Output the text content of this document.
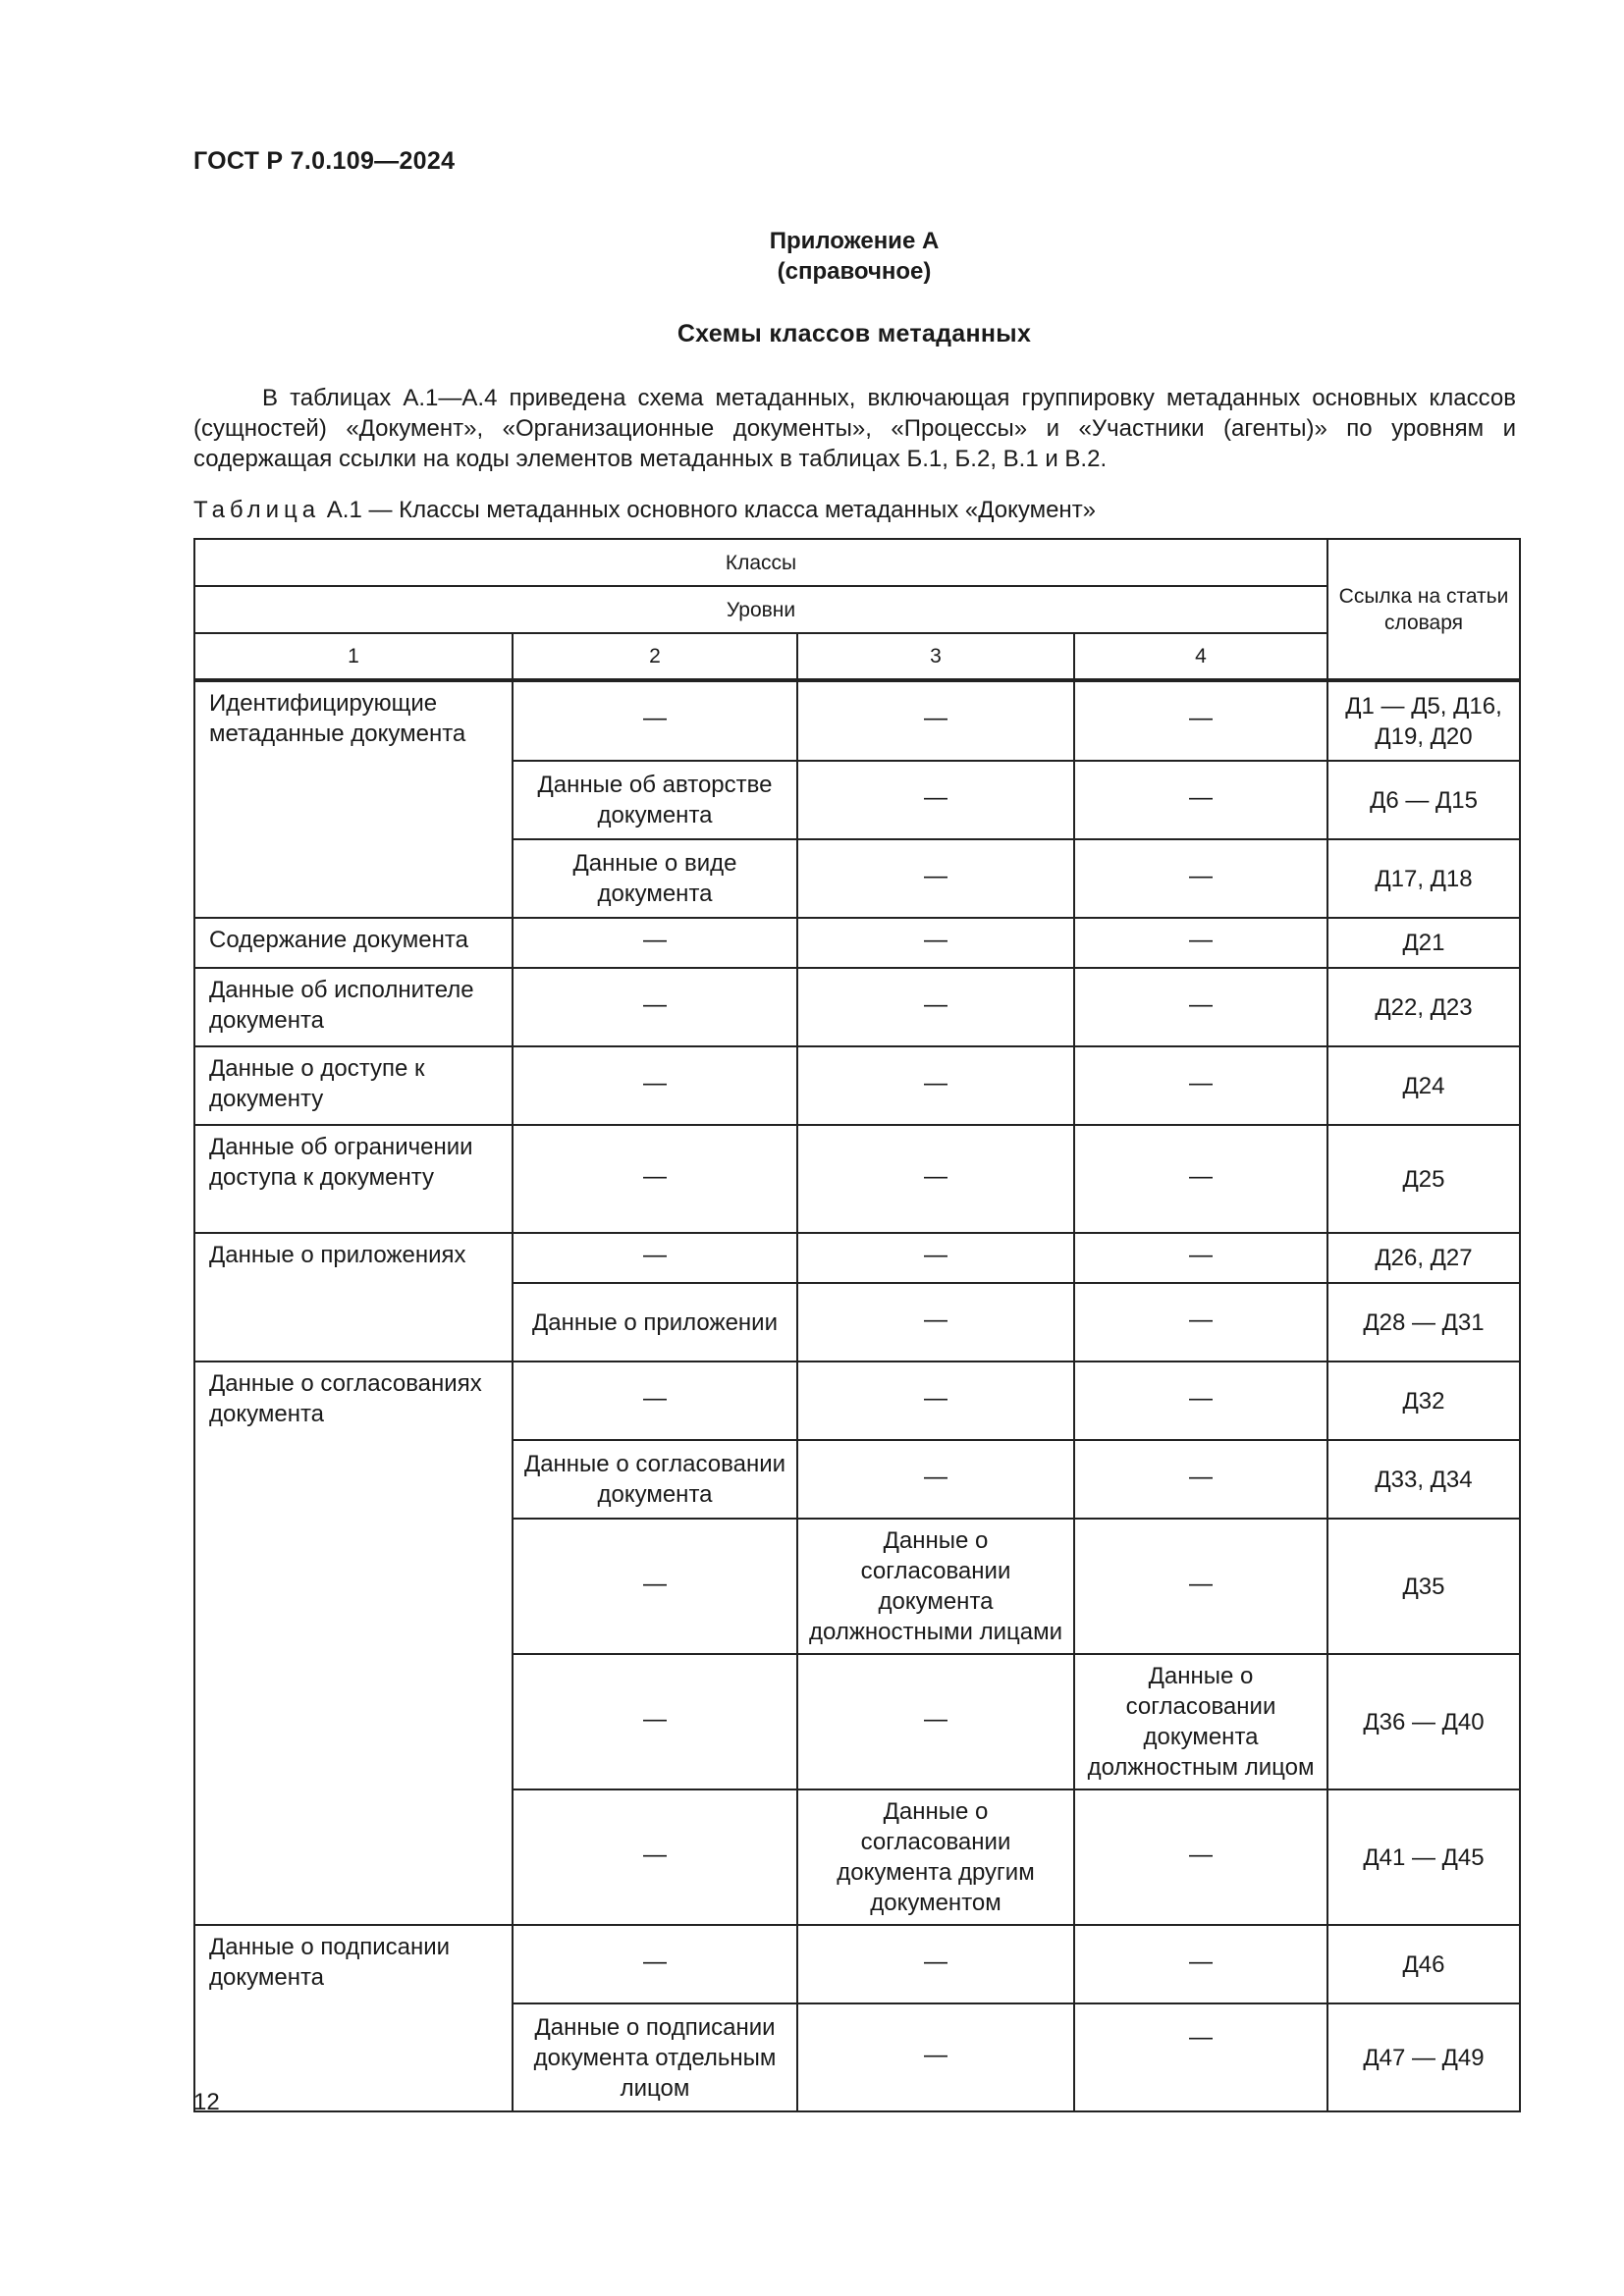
ГОСТ Р 7.0.109—2024
Приложение А
(справочное)
Схемы классов метаданных

В таблицах А.1—А.4 приведена схема метаданных, включающая группировку метаданных основных классов (сущностей) «Документ», «Организационные документы», «Процессы» и «Участники (агенты)» по уровням и содержащая ссылки на коды элементов метаданных в таблицах Б.1, Б.2, В.1 и В.2.

Таблица А.1 — Классы метаданных основного класса метаданных «Документ»
Классы				Ссылка на статьи словаря
Уровни				
1	2	3	4	
Идентифицирующие метаданные документа	—	—	—	Д1 — Д5, Д16, Д19, Д20
	Данные об авторстве документа	—	—	Д6 — Д15
	Данные о виде документа	—	—	Д17, Д18
Содержание документа	—	—	—	Д21
Данные об исполнителе документа	—	—	—	Д22, Д23
Данные о доступе к документу	—	—	—	Д24
Данные об ограничении доступа к документу	—	—	—	Д25
Данные о приложениях	—	—	—	Д26, Д27
	Данные о приложении	—	—	Д28 — Д31
Данные о согласованиях документа	—	—	—	Д32
	Данные о согласовании документа	—	—	Д33, Д34
	—	Данные о согласовании документа должностными лицами	—	Д35
	—	—	Данные о согласовании документа должностным лицом	Д36 — Д40
	—	Данные о согласовании документа другим документом	—	Д41 — Д45
Данные о подписании документа	—	—	—	Д46
	Данные о подписании документа отдельным лицом	—	—	Д47 — Д49
12
